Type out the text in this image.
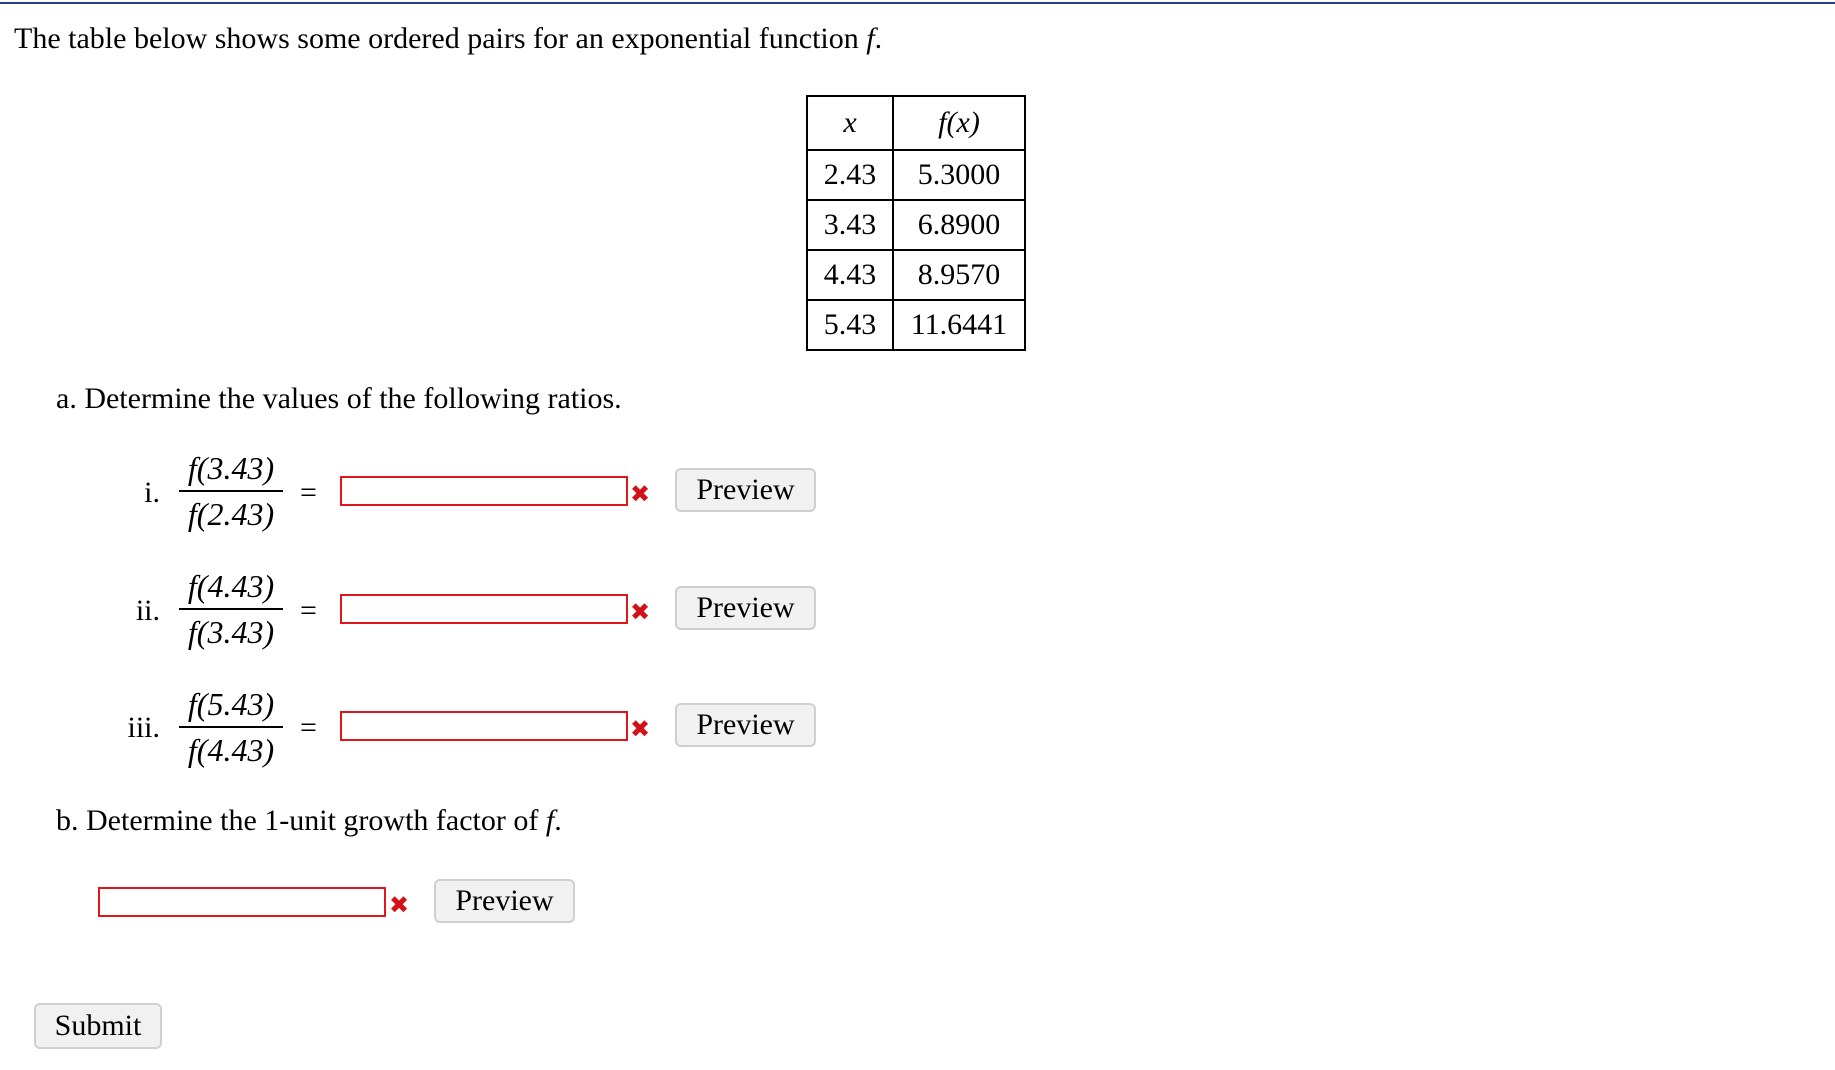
The table below shows some ordered pairs for an exponential function f.
x	f(x)
2.43	5.3000
3.43	6.8900
4.43	8.9570
5.43	11.6441
a. Determine the values of the following ratios.
i.
f(3.43)
f(2.43)
=	✖	Preview
ii.
f(4.43)
f(3.43)
=	✖	Preview
iii.
f(5.43)
f(4.43)
=	✖	Preview
b. Determine the 1-unit growth factor of f.
✖	Preview
Submit
